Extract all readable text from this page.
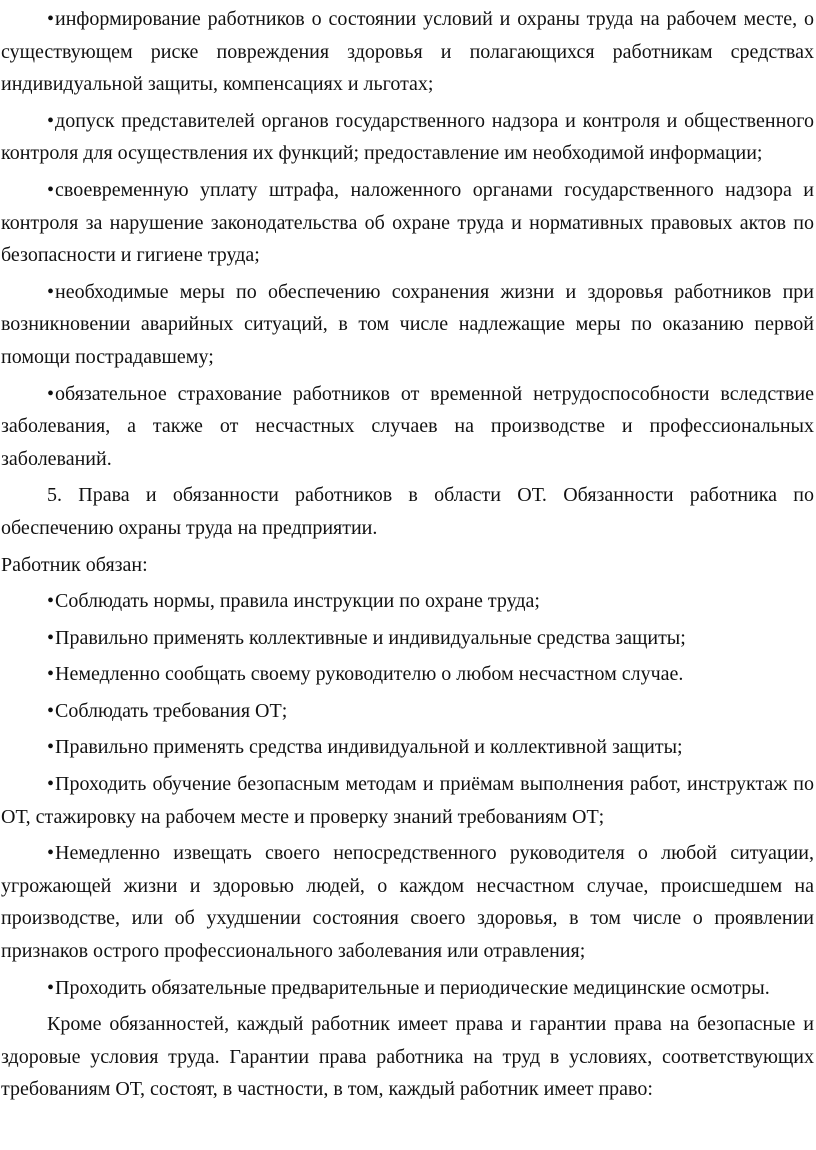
•информирование работников о состоянии условий и охраны труда на рабочем месте, о существующем риске повреждения здоровья и полагающихся работникам средствах индивидуальной защиты, компенсациях и льготах;

•допуск представителей органов государственного надзора и контроля и общественного контроля для осуществления их функций; предоставление им необходимой информации;

•своевременную уплату штрафа, наложенного органами государственного надзора и контроля за нарушение законодательства об охране труда и нормативных правовых актов по безопасности и гигиене труда;

•необходимые меры по обеспечению сохранения жизни и здоровья работников при возникновении аварийных ситуаций, в том числе надлежащие меры по оказанию первой помощи пострадавшему;

•обязательное страхование работников от временной нетрудоспособности вследствие заболевания, а также от несчастных случаев на производстве и профессиональных заболеваний.

5. Права и обязанности работников в области ОТ. Обязанности работника по обеспечению охраны труда на предприятии.

Работник обязан:

•Соблюдать нормы, правила инструкции по охране труда;

•Правильно применять коллективные и индивидуальные средства защиты;

•Немедленно сообщать своему руководителю о любом несчастном случае.

•Соблюдать требования ОТ;

•Правильно применять средства индивидуальной и коллективной защиты;

•Проходить обучение безопасным методам и приёмам выполнения работ, инструктаж по ОТ, стажировку на рабочем месте и проверку знаний требованиям ОТ;

•Немедленно извещать своего непосредственного руководителя о любой ситуации, угрожающей жизни и здоровью людей, о каждом несчастном случае, происшедшем на производстве, или об ухудшении состояния своего здоровья, в том числе о проявлении признаков острого профессионального заболевания или отравления;

•Проходить обязательные предварительные и периодические медицинские осмотры.

Кроме обязанностей, каждый работник имеет права и гарантии права на безопасные и здоровые условия труда. Гарантии права работника на труд в условиях, соответствующих требованиям ОТ, состоят, в частности, в том, каждый работник имеет право:
